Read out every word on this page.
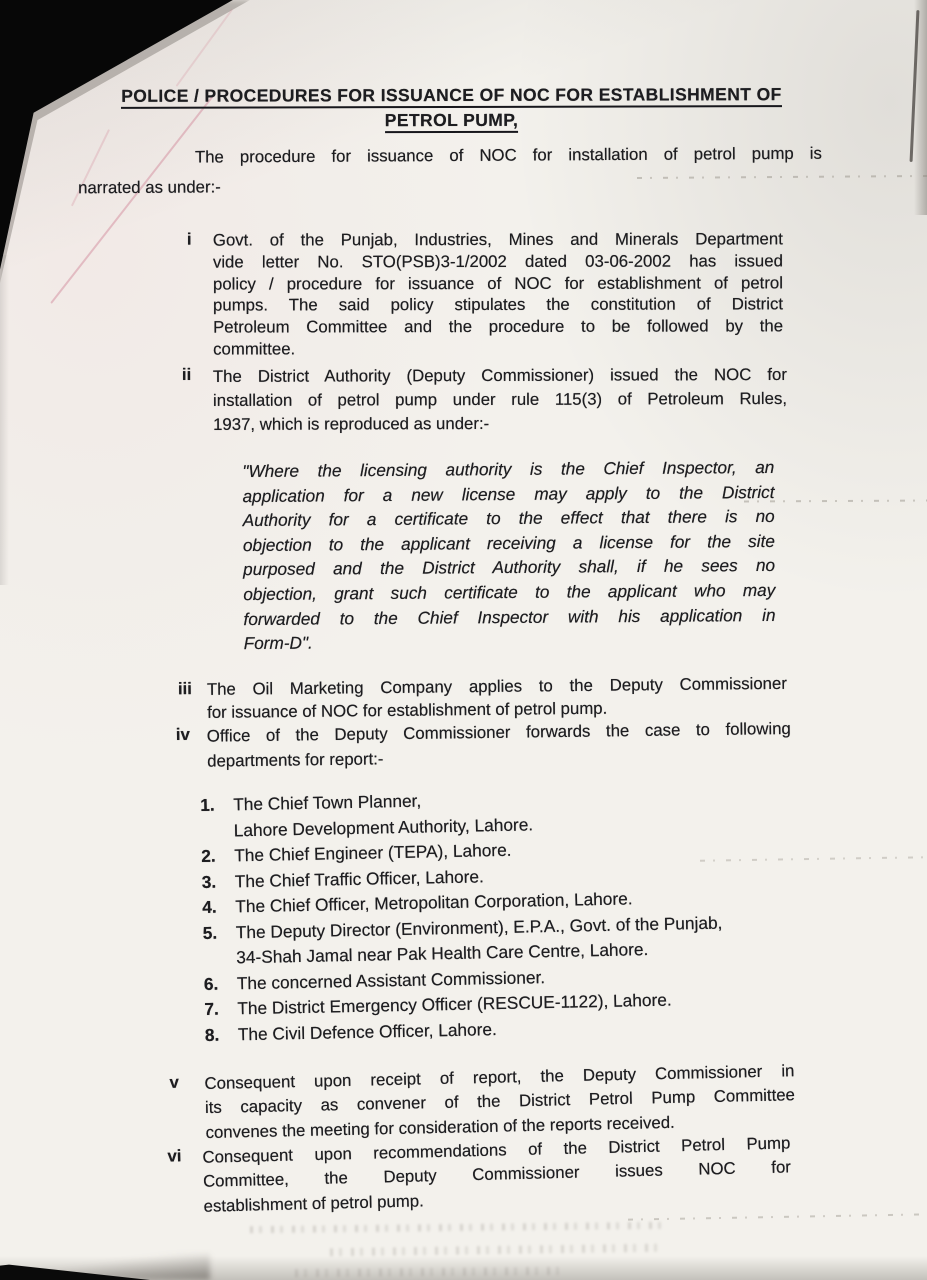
POLICE / PROCEDURES FOR ISSUANCE OF NOC FOR ESTABLISHMENT OF
PETROL PUMP,
The procedure for issuance of NOC for installation of petrol pump is
narrated as under:-
i Govt. of the Punjab, Industries, Mines and Minerals Department
vide letter No. STO(PSB)3-1/2002 dated 03-06-2002 has issued
policy / procedure for issuance of NOC for establishment of petrol
pumps. The said policy stipulates the constitution of District
Petroleum Committee and the procedure to be followed by the
committee.
ii The District Authority (Deputy Commissioner) issued the NOC for
installation of petrol pump under rule 115(3) of Petroleum Rules,
1937, which is reproduced as under:-
"Where the licensing authority is the Chief Inspector, an
application for a new license may apply to the District
Authority for a certificate to the effect that there is no
objection to the applicant receiving a license for the site
purposed and the District Authority shall, if he sees no
objection, grant such certificate to the applicant who may
forwarded to the Chief Inspector with his application in
Form-D".
iii The Oil Marketing Company applies to the Deputy Commissioner
for issuance of NOC for establishment of petrol pump.
iv Office of the Deputy Commissioner forwards the case to following
departments for report:-
1.	The Chief Town Planner,
Lahore Development Authority, Lahore.
2.	The Chief Engineer (TEPA), Lahore.
3.	The Chief Traffic Officer, Lahore.
4.	The Chief Officer, Metropolitan Corporation, Lahore.
5.	The Deputy Director (Environment), E.P.A., Govt. of the Punjab,
34-Shah Jamal near Pak Health Care Centre, Lahore.
6.	The concerned Assistant Commissioner.
7.	The District Emergency Officer (RESCUE-1122), Lahore.
8.	The Civil Defence Officer, Lahore.
v Consequent upon receipt of report, the Deputy Commissioner in
its capacity as convener of the District Petrol Pump Committee
convenes the meeting for consideration of the reports received.
vi Consequent upon recommendations of the District Petrol Pump
Committee, the Deputy Commissioner issues NOC for
establishment of petrol pump.
